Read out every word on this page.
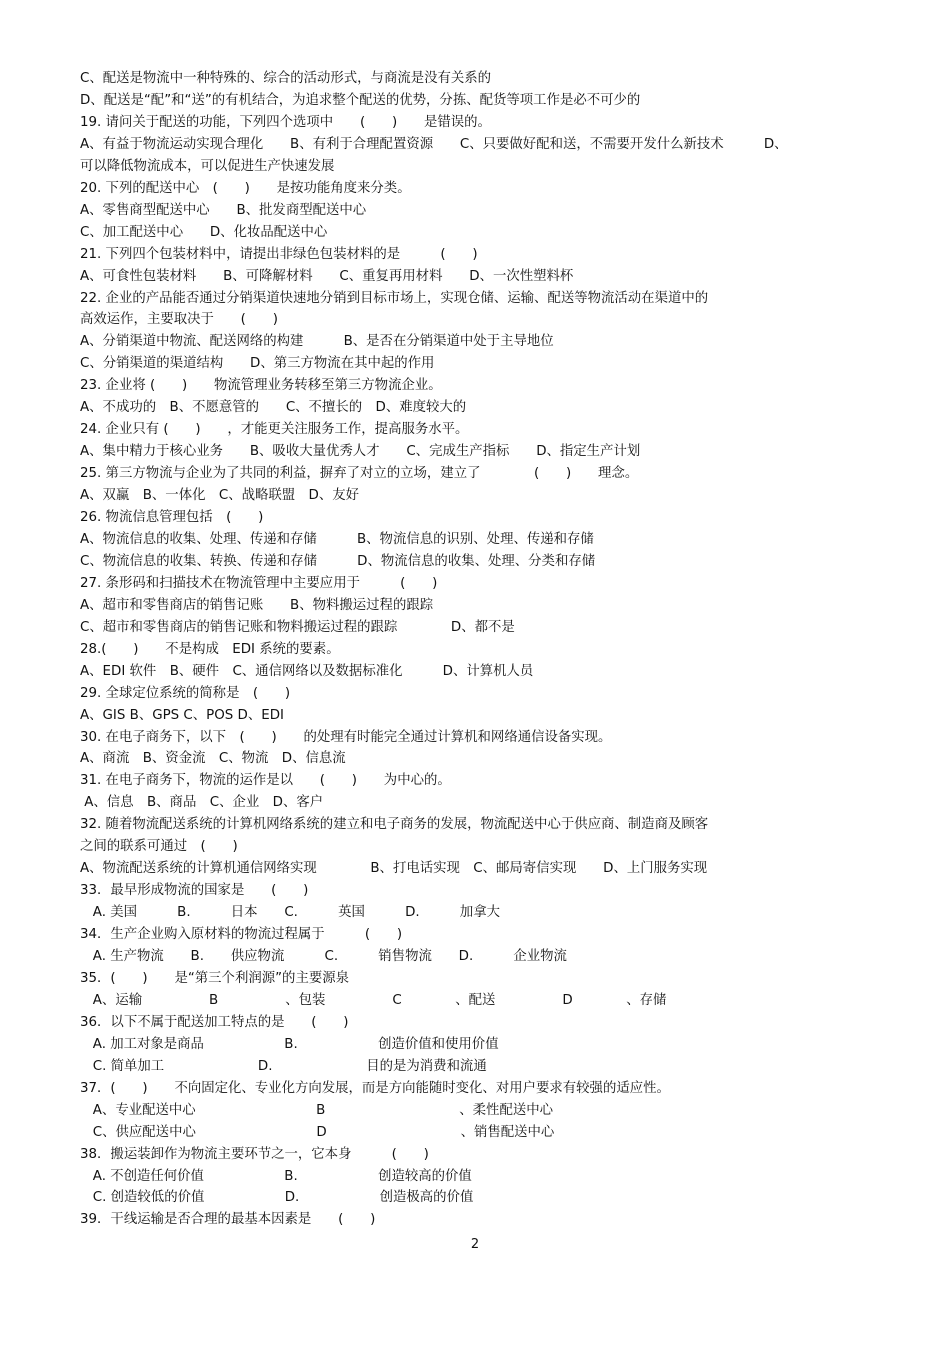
C、配送是物流中一种特殊的、综合的活动形式，与商流是没有关系的
D、配送是“配”和“送”的有机结合，为追求整个配送的优势，分拣、配货等项工作是必不可少的
19. 请问关于配送的功能，下列四个选项中　　(　　)　　是错误的。
A、有益于物流运动实现合理化　　B、有利于合理配置资源　　C、只要做好配和送，不需要开发什么新技术　　　D、
可以降低物流成本，可以促进生产快速发展
20. 下列的配送中心　(　　)　　是按功能角度来分类。
A、零售商型配送中心　　B、批发商型配送中心
C、加工配送中心　　D、化妆品配送中心
21. 下列四个包装材料中，请提出非绿色包装材料的是　　　(　　)
A、可食性包装材料　　B、可降解材料　　C、重复再用材料　　D、一次性塑料杯
22. 企业的产品能否通过分销渠道快速地分销到目标市场上，实现仓储、运输、配送等物流活动在渠道中的
高效运作，主要取决于　　(　　)
A、分销渠道中物流、配送网络的构建　　　B、是否在分销渠道中处于主导地位
C、分销渠道的渠道结构　　D、第三方物流在其中起的作用
23. 企业将 (　　)　　物流管理业务转移至第三方物流企业。
A、不成功的　B、不愿意管的　　C、不擅长的　D、难度较大的
24. 企业只有 (　　)　　，才能更关注服务工作，提高服务水平。
A、集中精力于核心业务　　B、吸收大量优秀人才　　C、完成生产指标　　D、指定生产计划
25. 第三方物流与企业为了共同的利益，摒弃了对立的立场，建立了　　　　(　　)　　理念。
A、双赢　B、一体化　C、战略联盟　D、友好
26. 物流信息管理包括　(　　)
A、物流信息的收集、处理、传递和存储　　　B、物流信息的识别、处理、传递和存储
C、物流信息的收集、转换、传递和存储　　　D、物流信息的收集、处理、分类和存储
27. 条形码和扫描技术在物流管理中主要应用于　　　(　　)
A、超市和零售商店的销售记账　　B、物料搬运过程的跟踪
C、超市和零售商店的销售记账和物料搬运过程的跟踪　　　　D、都不是
28.(　　)　　不是构成　EDI 系统的要素。
A、EDI 软件　B、硬件　C、通信网络以及数据标准化　　　D、计算机人员
29. 全球定位系统的简称是　(　　)
A、GIS B、GPS C、POS D、EDI
30. 在电子商务下，以下　(　　)　　的处理有时能完全通过计算机和网络通信设备实现。
A、商流　B、资金流　C、物流　D、信息流
31. 在电子商务下，物流的运作是以　　(　　)　　为中心的。
A、信息　B、商品　C、企业　D、客户
32. 随着物流配送系统的计算机网络系统的建立和电子商务的发展，物流配送中心于供应商、制造商及顾客
之间的联系可通过　(　　)
A、物流配送系统的计算机通信网络实现　　　　B、打电话实现　C、邮局寄信实现　　D、上门服务实现
33．最早形成物流的国家是　　(　　)
A. 美国　　　B.　　　日本　　C.　　　英国　　　D.　　　加拿大
34．生产企业购入原材料的物流过程属于　　　(　　)
A. 生产物流　　B.　　供应物流　　　C.　　　销售物流　　D.　　　企业物流
35．(　　)　　是“第三个利润源”的主要源泉
A、运输　　　　　B　　　　　、包装　　　　　C　　　　、配送　　　　　D　　　　、存储
36．以下不属于配送加工特点的是　　(　　)
A. 加工对象是商品　　　　　　B.　　　　　　创造价值和使用价值
C. 简单加工　　　　　　　D.　　　　　　　目的是为消费和流通
37．(　　)　　不向固定化、专业化方向发展，而是方向能随时变化、对用户要求有较强的适应性。
A、专业配送中心　　　　　　　　　B　　　　　　　　　　、柔性配送中心
C、供应配送中心　　　　　　　　　D　　　　　　　　　　、销售配送中心
38．搬运装卸作为物流主要环节之一，它本身　　　(　　)
A. 不创造任何价值　　　　　　B.　　　　　　创造较高的价值
C. 创造较低的价值　　　　　　D.　　　　　　创造极高的价值
39．干线运输是否合理的最基本因素是　　(　　)
2
